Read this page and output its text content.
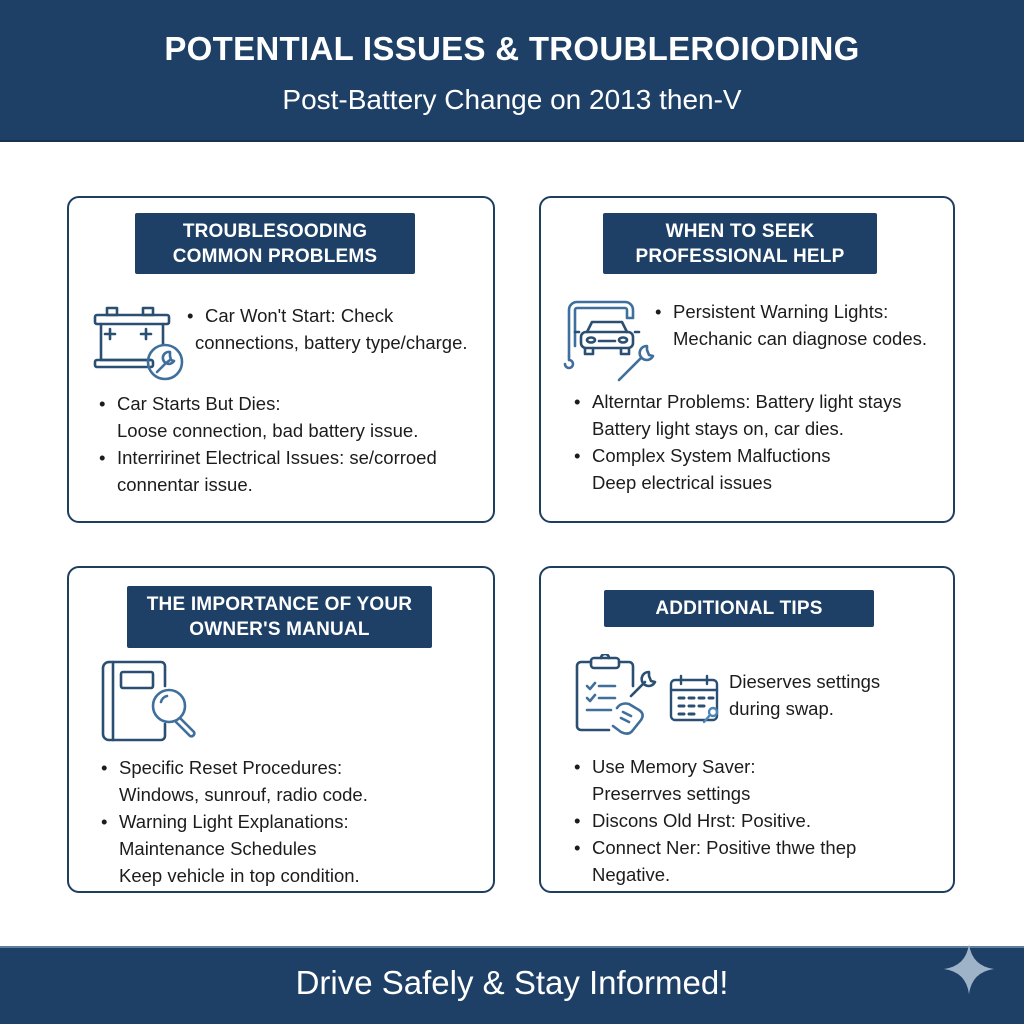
POTENTIAL ISSUES & TROUBLEROIODING
Post-Battery Change on 2013 then-V
TROUBLESOODING
COMMON PROBLEMS
• Car Won't Start: Check
connections, battery type/charge.
• Car Starts But Dies:
Loose connection, bad battery issue.
• Interririnet Electrical Issues: se/corroed
connentar issue.
WHEN TO SEEK
PROFESSIONAL HELP
• Persistent Warning Lights:
Mechanic can diagnose codes.
• Alterntar Problems: Battery light stays
Battery light stays on, car dies.
• Complex System Malfuctions
Deep electrical issues
THE IMPORTANCE OF YOUR
OWNER'S MANUAL
• Specific Reset Procedures:
Windows, sunrouf, radio code.
• Warning Light Explanations:
Maintenance Schedules
Keep vehicle in top condition.
ADDITIONAL TIPS
Dieserves settings
during swap.
• Use Memory Saver:
Preserrves settings
• Discons Old Hrst: Positive.
• Connect Ner: Positive thwe thep
Negative.
Drive Safely & Stay Informed!
